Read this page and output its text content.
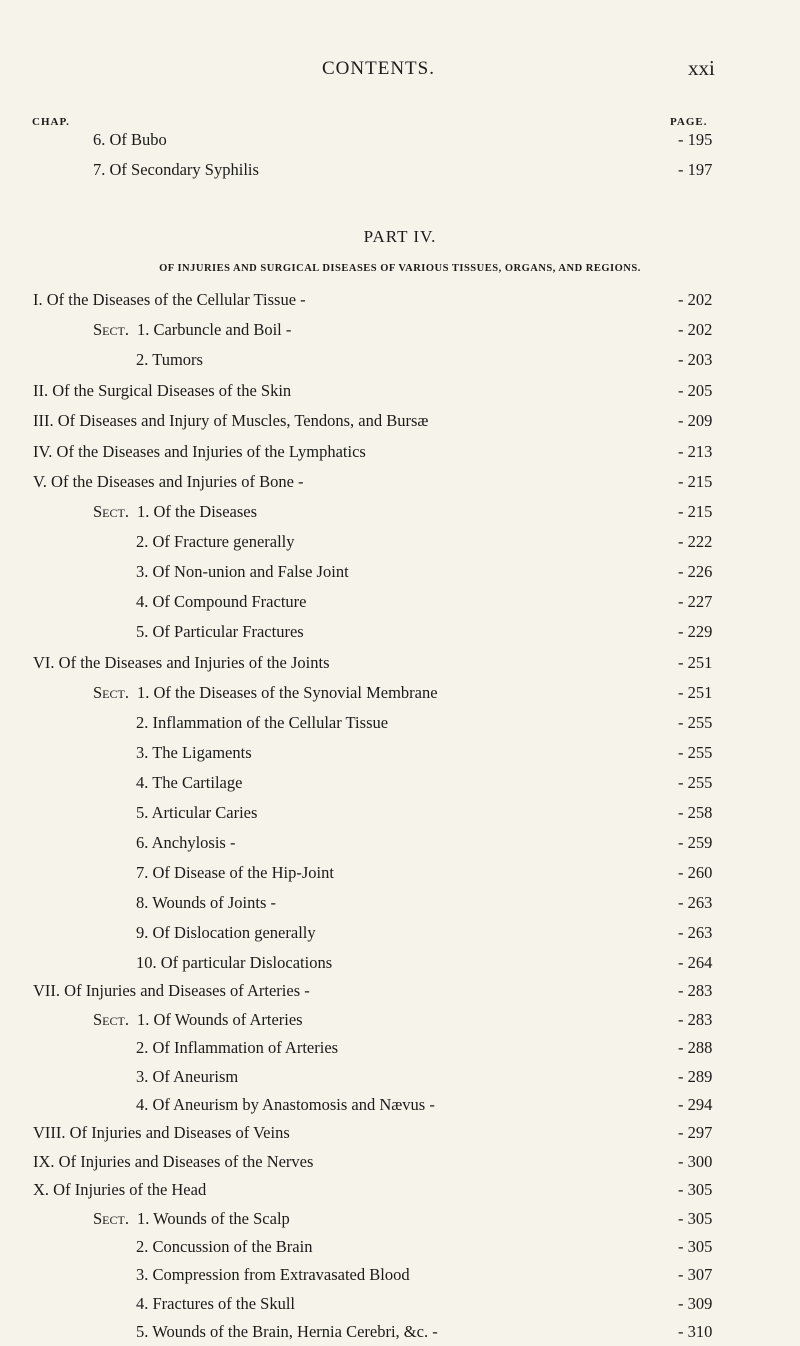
CONTENTS.	xxi
CHAP.	PAGE.
PART IV.
OF INJURIES AND SURGICAL DISEASES OF VARIOUS TISSUES, ORGANS, AND REGIONS.
6. Of Bubo	- 195
7. Of Secondary Syphilis	- 197
I. Of the Diseases of the Cellular Tissue -	- 202
Sect. 1. Carbuncle and Boil -	- 202
2. Tumors	- 203
II. Of the Surgical Diseases of the Skin	- 205
III. Of Diseases and Injury of Muscles, Tendons, and Bursæ	- 209
IV. Of the Diseases and Injuries of the Lymphatics	- 213
V. Of the Diseases and Injuries of Bone -	- 215
Sect. 1. Of the Diseases	- 215
2. Of Fracture generally	- 222
3. Of Non-union and False Joint	- 226
4. Of Compound Fracture	- 227
5. Of Particular Fractures	- 229
VI. Of the Diseases and Injuries of the Joints	- 251
Sect. 1. Of the Diseases of the Synovial Membrane	- 251
2. Inflammation of the Cellular Tissue	- 255
3. The Ligaments	- 255
4. The Cartilage	- 255
5. Articular Caries	- 258
6. Anchylosis -	- 259
7. Of Disease of the Hip-Joint	- 260
8. Wounds of Joints -	- 263
9. Of Dislocation generally	- 263
10. Of particular Dislocations	- 264
VII. Of Injuries and Diseases of Arteries -	- 283
Sect. 1. Of Wounds of Arteries	- 283
2. Of Inflammation of Arteries	- 288
3. Of Aneurism	- 289
4. Of Aneurism by Anastomosis and Nævus -	- 294
VIII. Of Injuries and Diseases of Veins	- 297
IX. Of Injuries and Diseases of the Nerves	- 300
X. Of Injuries of the Head	- 305
Sect. 1. Wounds of the Scalp	- 305
2. Concussion of the Brain	- 305
3. Compression from Extravasated Blood	- 307
4. Fractures of the Skull	- 309
5. Wounds of the Brain, Hernia Cerebri, &c. -	- 310
